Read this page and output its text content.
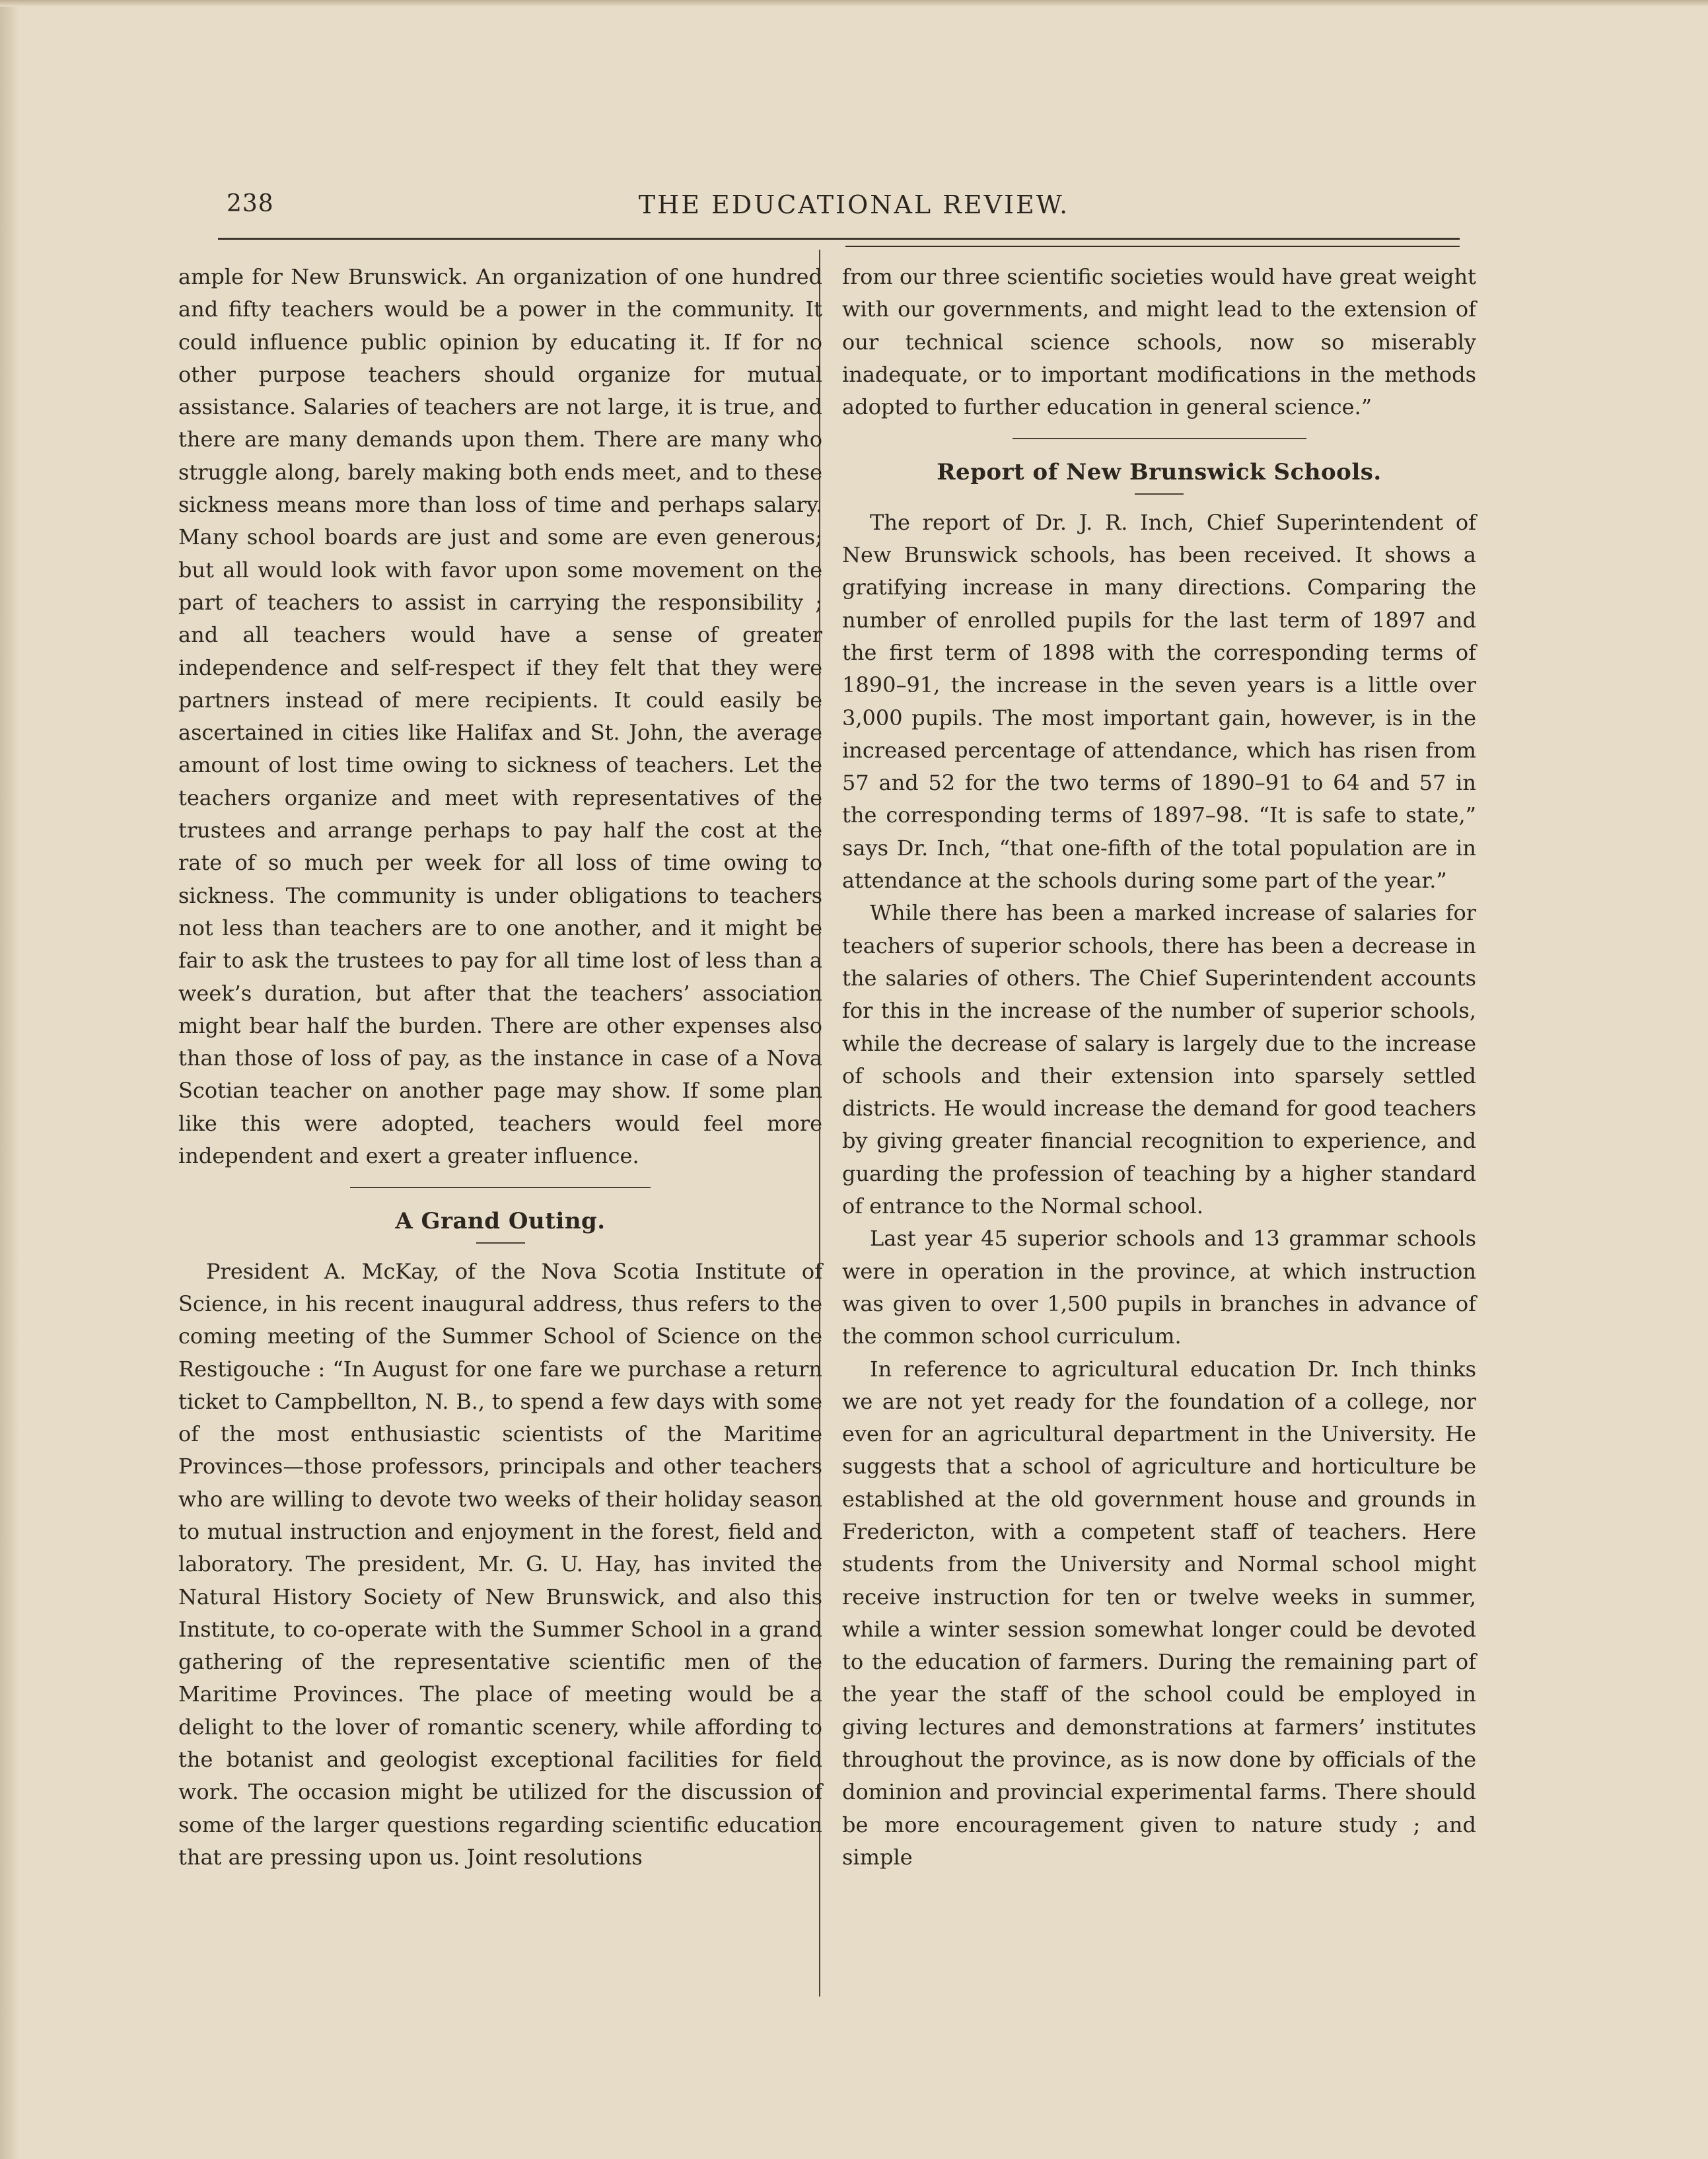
238	THE EDUCATIONAL REVIEW.

ample for New Brunswick. An organization of one hundred and fifty teachers would be a power in the community. It could influence public opinion by educating it. If for no other purpose teachers should organize for mutual assistance. Salaries of teachers are not large, it is true, and there are many demands upon them. There are many who struggle along, barely making both ends meet, and to these sickness means more than loss of time and perhaps salary. Many school boards are just and some are even generous; but all would look with favor upon some movement on the part of teachers to assist in carrying the responsibility ; and all teachers would have a sense of greater independence and self-respect if they felt that they were partners instead of mere recipients. It could easily be ascertained in cities like Halifax and St. John, the average amount of lost time owing to sickness of teachers. Let the teachers organize and meet with representatives of the trustees and arrange perhaps to pay half the cost at the rate of so much per week for all loss of time owing to sickness. The community is under obligations to teachers not less than teachers are to one another, and it might be fair to ask the trustees to pay for all time lost of less than a week’s duration, but after that the teachers’ association might bear half the burden. There are other expenses also than those of loss of pay, as the instance in case of a Nova Scotian teacher on another page may show. If some plan like this were adopted, teachers would feel more independent and exert a greater influence.

A Grand Outing.

President A. McKay, of the Nova Scotia Institute of Science, in his recent inaugural address, thus refers to the coming meeting of the Summer School of Science on the Restigouche : “In August for one fare we purchase a return ticket to Campbellton, N. B., to spend a few days with some of the most enthusiastic scientists of the Maritime Provinces—those professors, principals and other teachers who are willing to devote two weeks of their holiday season to mutual instruction and enjoyment in the forest, field and laboratory. The president, Mr. G. U. Hay, has invited the Natural History Society of New Brunswick, and also this Institute, to co-operate with the Summer School in a grand gathering of the representative scientific men of the Maritime Provinces. The place of meeting would be a delight to the lover of romantic scenery, while affording to the botanist and geologist exceptional facilities for field work. The occasion might be utilized for the discussion of some of the larger questions regarding scientific education that are pressing upon us. Joint resolutions

from our three scientific societies would have great weight with our governments, and might lead to the extension of our technical science schools, now so miserably inadequate, or to important modifications in the methods adopted to further education in general science.”

Report of New Brunswick Schools.

The report of Dr. J. R. Inch, Chief Superintendent of New Brunswick schools, has been received. It shows a gratifying increase in many directions. Comparing the number of enrolled pupils for the last term of 1897 and the first term of 1898 with the corresponding terms of 1890–91, the increase in the seven years is a little over 3,000 pupils. The most important gain, however, is in the increased percentage of attendance, which has risen from 57 and 52 for the two terms of 1890–91 to 64 and 57 in the corresponding terms of 1897–98. “It is safe to state,” says Dr. Inch, “that one-fifth of the total population are in attendance at the schools during some part of the year.”

While there has been a marked increase of salaries for teachers of superior schools, there has been a decrease in the salaries of others. The Chief Superintendent accounts for this in the increase of the number of superior schools, while the decrease of salary is largely due to the increase of schools and their extension into sparsely settled districts. He would increase the demand for good teachers by giving greater financial recognition to experience, and guarding the profession of teaching by a higher standard of entrance to the Normal school.

Last year 45 superior schools and 13 grammar schools were in operation in the province, at which instruction was given to over 1,500 pupils in branches in advance of the common school curriculum.

In reference to agricultural education Dr. Inch thinks we are not yet ready for the foundation of a college, nor even for an agricultural department in the University. He suggests that a school of agriculture and horticulture be established at the old government house and grounds in Fredericton, with a competent staff of teachers. Here students from the University and Normal school might receive instruction for ten or twelve weeks in summer, while a winter session somewhat longer could be devoted to the education of farmers. During the remaining part of the year the staff of the school could be employed in giving lectures and demonstrations at farmers’ institutes throughout the province, as is now done by officials of the dominion and provincial experimental farms. There should be more encouragement given to nature study ; and simple
